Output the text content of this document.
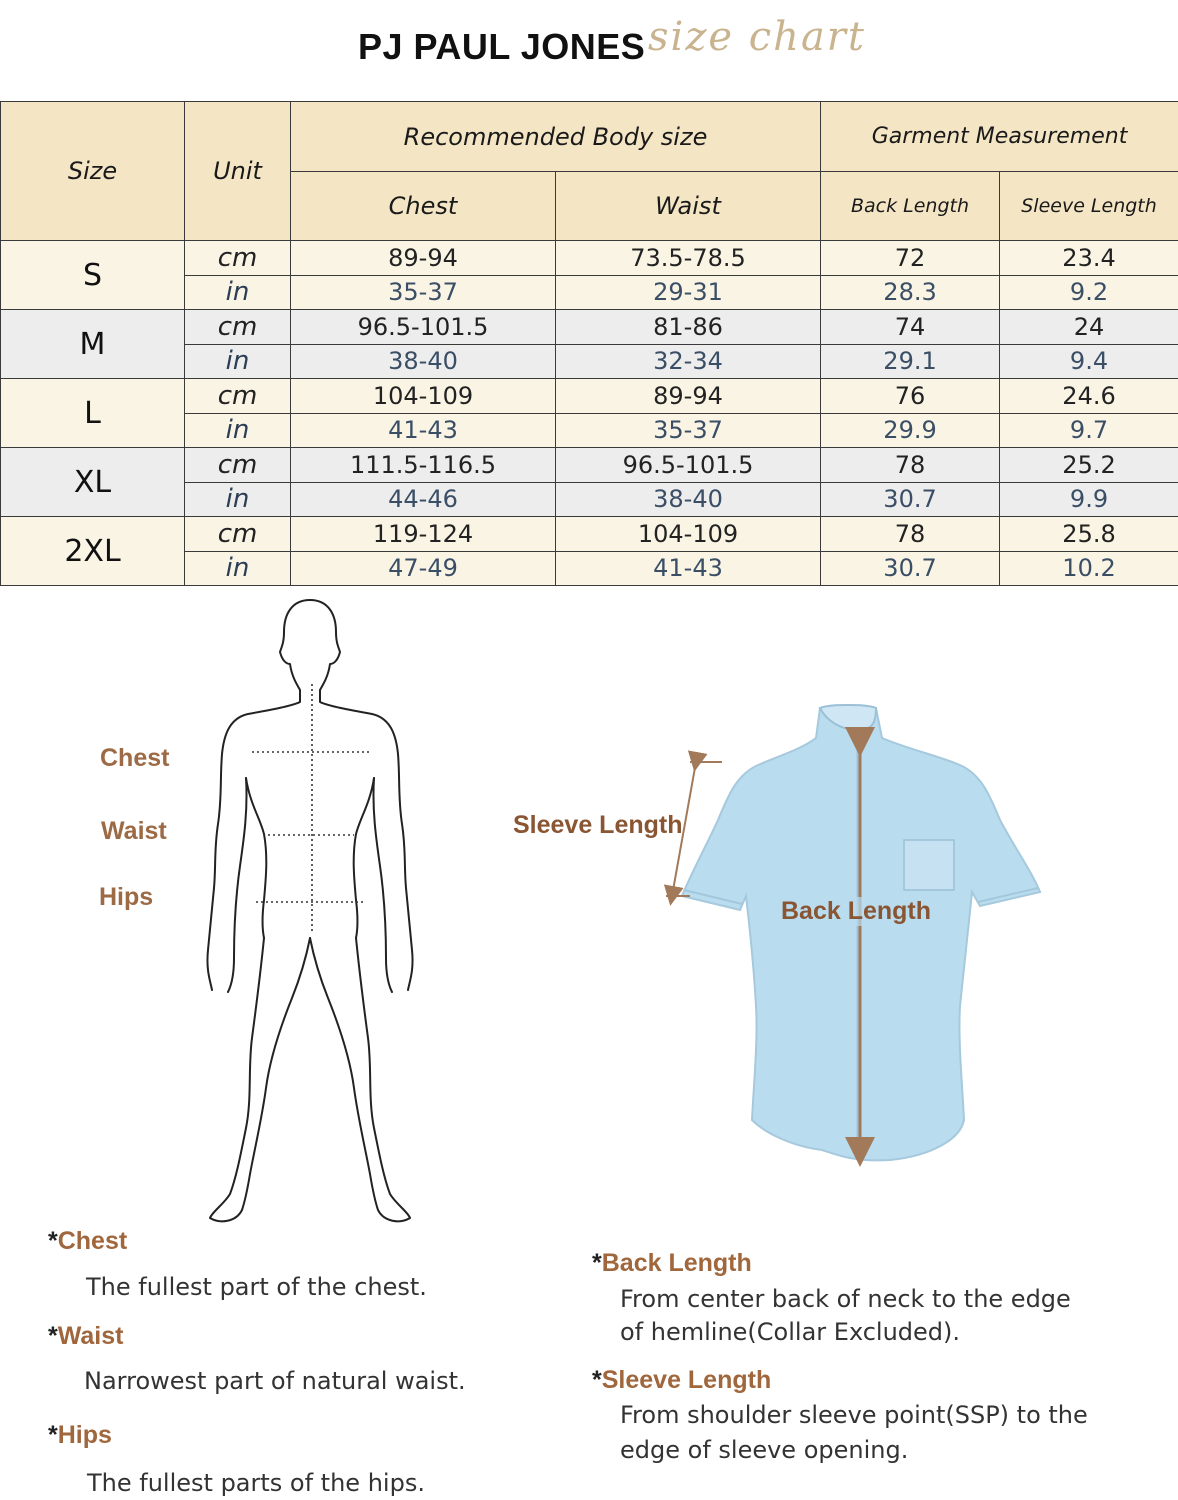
PJ PAUL JONES size chart
Size	Unit	Recommended Body size		Garment Measurement	
		Chest	Waist	Back Length	Sleeve Length
S	cm	89-94	73.5-78.5	72	23.4
	in	35-37	29-31	28.3	9.2
M	cm	96.5-101.5	81-86	74	24
	in	38-40	32-34	29.1	9.4
L	cm	104-109	89-94	76	24.6
	in	41-43	35-37	29.9	9.7
XL	cm	111.5-116.5	96.5-101.5	78	25.2
	in	44-46	38-40	30.7	9.9
2XL	cm	119-124	104-109	78	25.8
	in	47-49	41-43	30.7	10.2
Chest
Waist
Hips
Sleeve Length
Back Length
*Chest
The fullest part of the chest.
*Waist
Narrowest part of natural waist.
*Hips
The fullest parts of the hips.
*Back Length
From center back of neck to the edge
of hemline(Collar Excluded).
*Sleeve Length
From shoulder sleeve point(SSP) to the
edge of sleeve opening.
